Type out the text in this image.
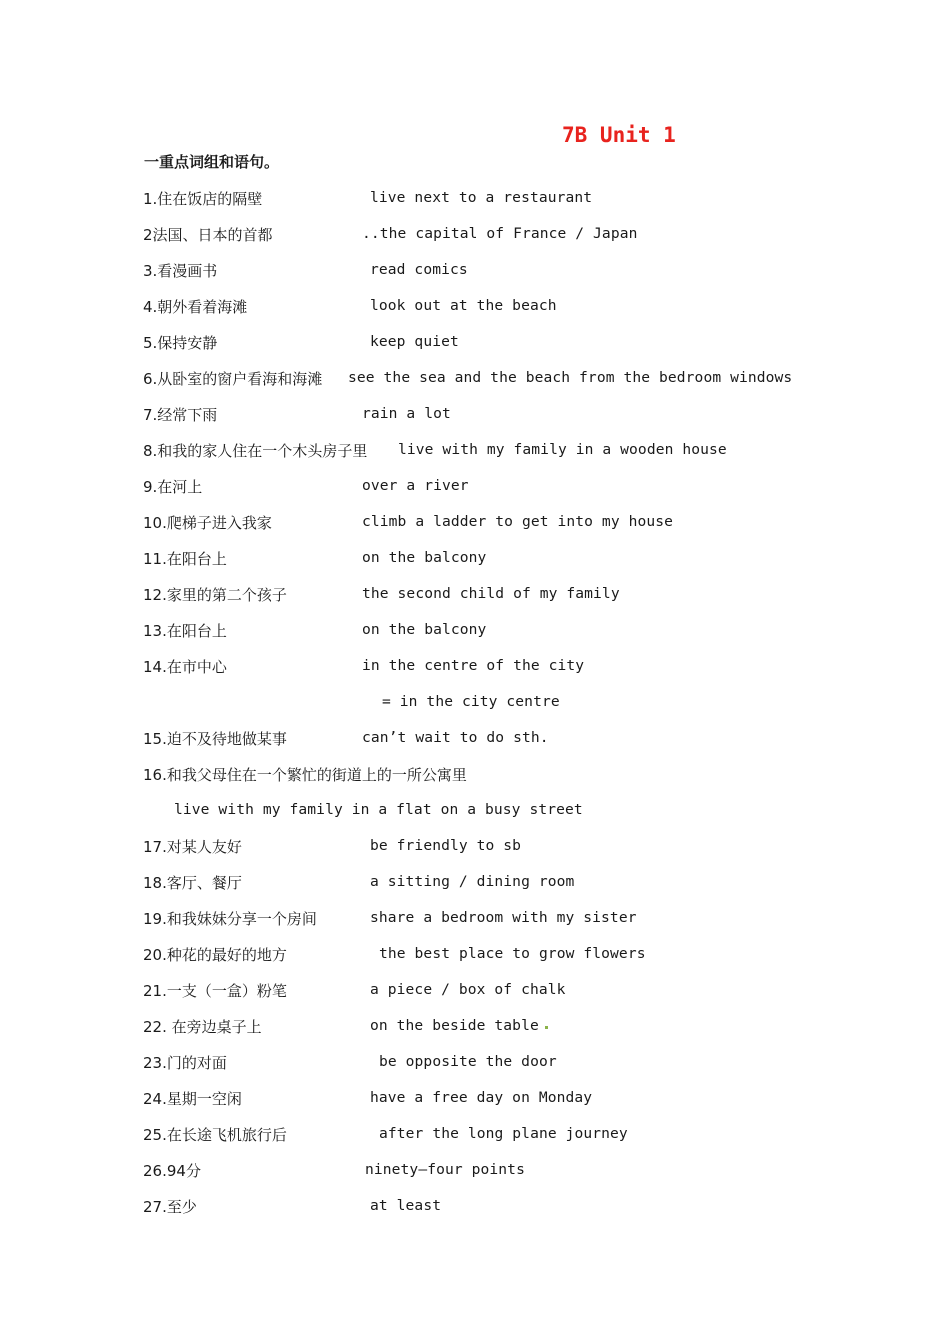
7B Unit 1
一重点词组和语句。
1.住在饭店的隔壁	live next to a restaurant
2法国、日本的首都	..the capital of France / Japan
3.看漫画书	read comics
4.朝外看着海滩	look out at the beach
5.保持安静	keep quiet
6.从卧室的窗户看海和海滩 see the sea and the beach from the bedroom windows
7.经常下雨	rain a lot
8.和我的家人住在一个木头房子里 live with my family in a wooden house
9.在河上	over a river
10.爬梯子进入我家	climb a ladder to get into my house
11.在阳台上	on the balcony
12.家里的第二个孩子	the second child of my family
13.在阳台上	on the balcony
14.在市中心	in the centre of the city
= in the city centre
15.迫不及待地做某事	can’t wait to do sth.
16.和我父母住在一个繁忙的街道上的一所公寓里
live with my family in a flat on a busy street
17.对某人友好	be friendly to sb
18.客厅、餐厅	a sitting / dining room
19.和我妹妹分享一个房间	share a bedroom with my sister
20.种花的最好的地方	the best place to grow flowers
21.一支（一盒）粉笔	a piece / box of chalk
22. 在旁边桌子上	on the beside table
23.门的对面	be opposite the door
24.星期一空闲	have a free day on Monday
25.在长途飞机旅行后	after the long plane journey
26.94分	ninety—four points
27.至少	at least
